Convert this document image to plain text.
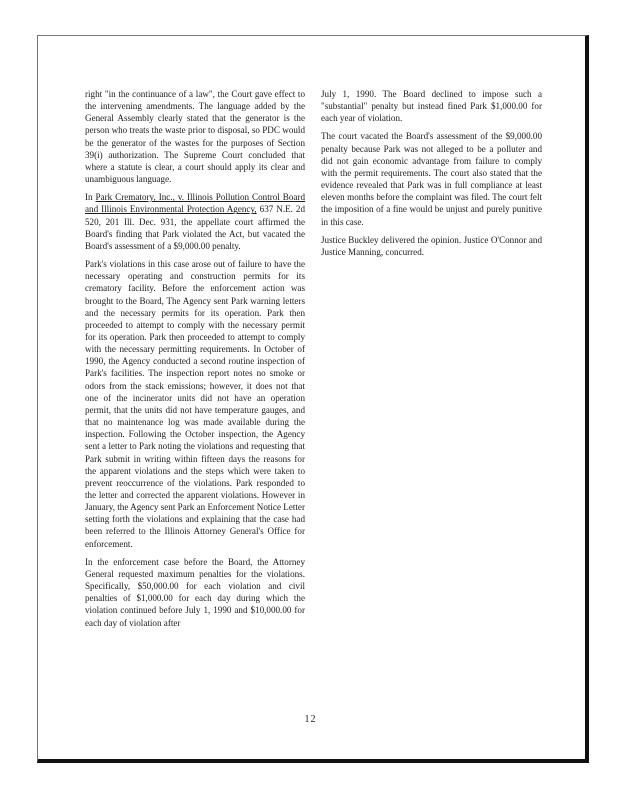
right "in the continuance of a law", the Court gave effect to the intervening amendments. The language added by the General Assembly clearly stated that the generator is the person who treats the waste prior to disposal, so PDC would be the generator of the wastes for the purposes of Section 39(i) authorization. The Supreme Court concluded that where a statute is clear, a court should apply its clear and unambiguous language.

In Park Crematory, Inc., v. Illinois Pollution Control Board and Illinois Environmental Protection Agency, 637 N.E. 2d 520, 201 Ill. Dec. 931, the appellate court affirmed the Board's finding that Park violated the Act, but vacated the Board's assessment of a $9,000.00 penalty.

Park's violations in this case arose out of failure to have the necessary operating and construction permits for its crematory facility. Before the enforcement action was brought to the Board, The Agency sent Park warning letters and the necessary permits for its operation. Park then proceeded to attempt to comply with the necessary permit for its operation. Park then proceeded to attempt to comply with the necessary permitting requirements. In October of 1990, the Agency conducted a second routine inspection of Park's facilities. The inspection report notes no smoke or odors from the stack emissions; however, it does not that one of the incinerator units did not have an operation permit, that the units did not have temperature gauges, and that no maintenance log was made available during the inspection. Following the October inspection, the Agency sent a letter to Park noting the violations and requesting that Park submit in writing within fifteen days the reasons for the apparent violations and the steps which were taken to prevent reoccurrence of the violations. Park responded to the letter and corrected the apparent violations. However in January, the Agency sent Park an Enforcement Notice Letter setting forth the violations and explaining that the case had been referred to the Illinois Attorney General's Office for enforcement.

In the enforcement case before the Board, the Attorney General requested maximum penalties for the violations. Specifically, $50,000.00 for each violation and civil penalties of $1,000.00 for each day during which the violation continued before July 1, 1990 and $10,000.00 for each day of violation after

July 1, 1990. The Board declined to impose such a "substantial" penalty but instead fined Park $1,000.00 for each year of violation.

The court vacated the Board's assessment of the $9,000.00 penalty because Park was not alleged to be a polluter and did not gain economic advantage from failure to comply with the permit requirements. The court also stated that the evidence revealed that Park was in full compliance at least eleven months before the complaint was filed. The court felt the imposition of a fine would be unjust and purely punitive in this case.

Justice Buckley delivered the opinion. Justice O'Connor and Justice Manning, concurred.

12
